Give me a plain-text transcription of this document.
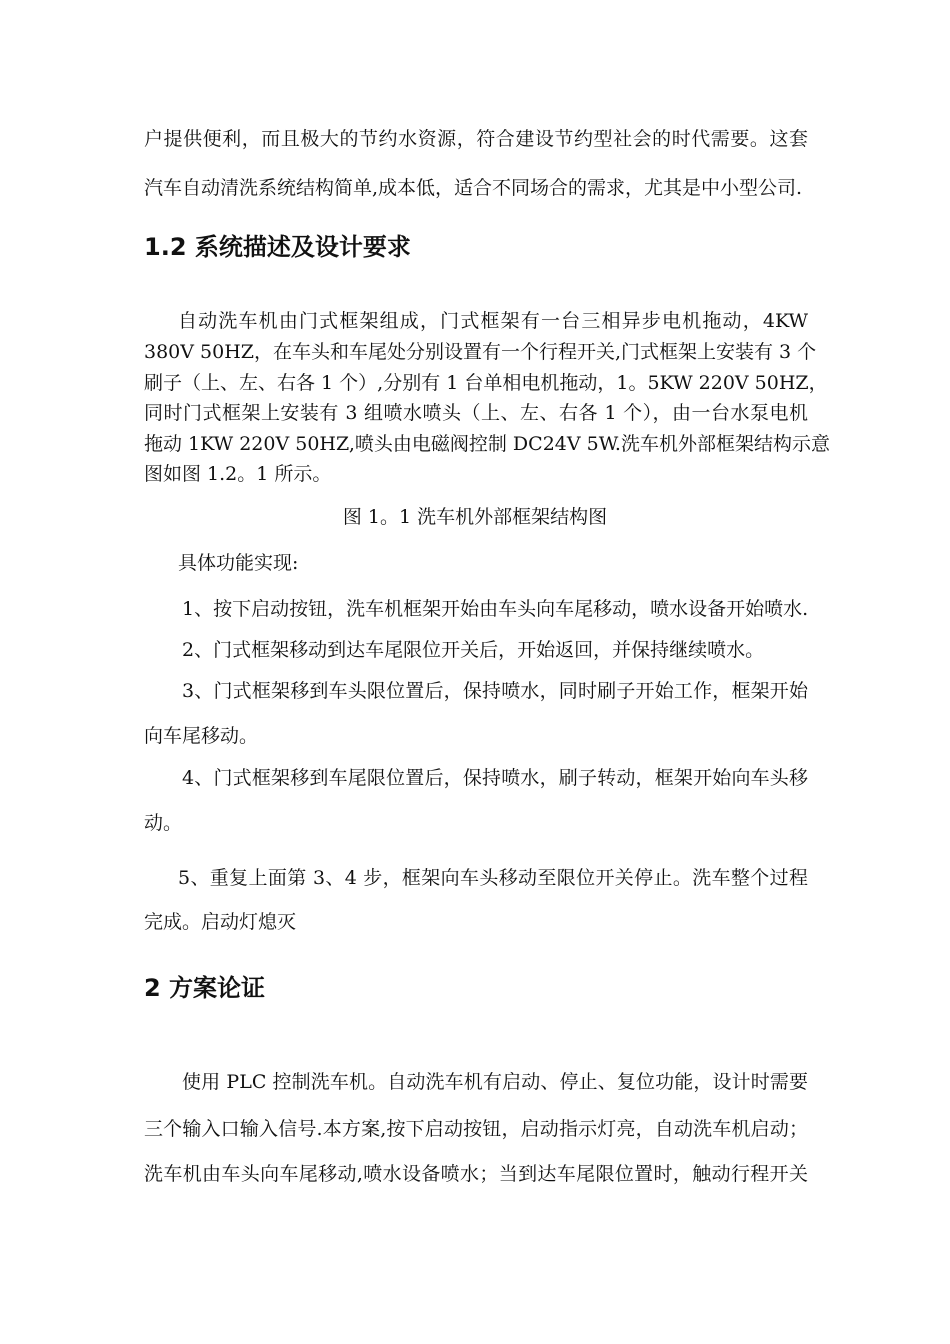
户提供便利，而且极大的节约水资源，符合建设节约型社会的时代需要。这套
汽车自动清洗系统结构简单,成本低，适合不同场合的需求，尤其是中小型公司.
1.2 系统描述及设计要求
自动洗车机由门式框架组成，门式框架有一台三相异步电机拖动，4KW
380V 50HZ，在车头和车尾处分别设置有一个行程开关,门式框架上安装有 3 个
刷子（上、左、右各 1 个）,分别有 1 台单相电机拖动，1。5KW 220V 50HZ，
同时门式框架上安装有 3 组喷水喷头（上、左、右各 1 个），由一台水泵电机
拖动 1KW 220V 50HZ,喷头由电磁阀控制 DC24V 5W.洗车机外部框架结构示意
图如图 1.2。1 所示。
图 1。1 洗车机外部框架结构图
具体功能实现:
1、按下启动按钮，洗车机框架开始由车头向车尾移动，喷水设备开始喷水.
2、门式框架移动到达车尾限位开关后，开始返回，并保持继续喷水。
3、门式框架移到车头限位置后，保持喷水，同时刷子开始工作，框架开始
向车尾移动。
4、门式框架移到车尾限位置后，保持喷水，刷子转动，框架开始向车头移
动。
5、重复上面第 3、4 步，框架向车头移动至限位开关停止。洗车整个过程
完成。启动灯熄灭
2 方案论证
使用 PLC 控制洗车机。自动洗车机有启动、停止、复位功能，设计时需要
三个输入口输入信号.本方案,按下启动按钮，启动指示灯亮，自动洗车机启动；
洗车机由车头向车尾移动,喷水设备喷水；当到达车尾限位置时，触动行程开关
